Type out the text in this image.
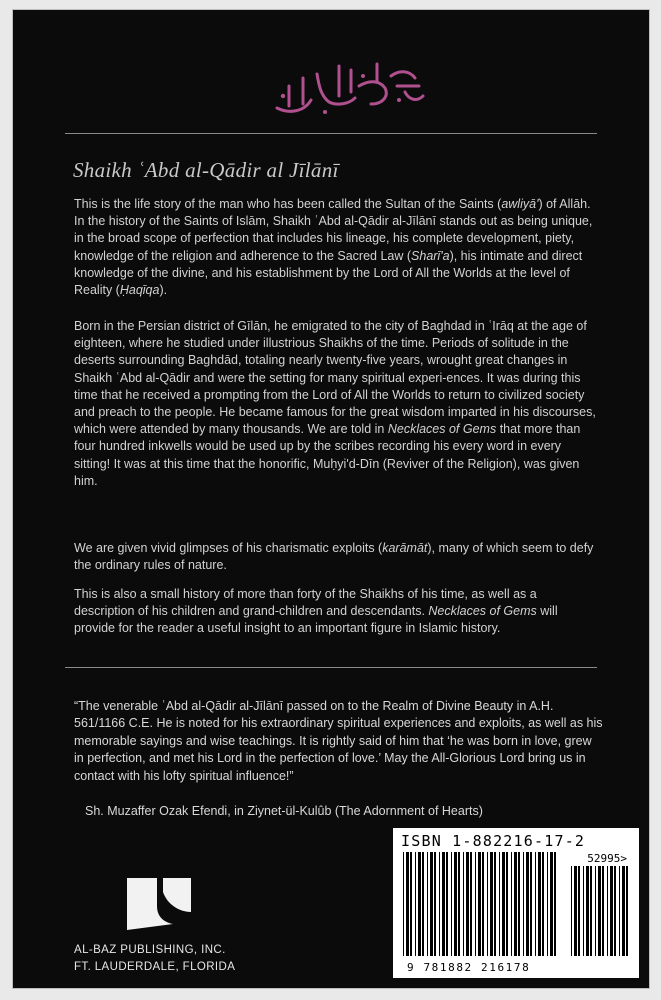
Shaikh ʿAbd al-Qādir al Jīlānī

This is the life story of the man who has been called the Sultan of the Saints (awliyā') of Allāh. In the history of the Saints of Islām, Shaikh ʿAbd al-Qādir al-Jīlānī stands out as being unique, in the broad scope of perfection that includes his lineage, his complete development, piety, knowledge of the religion and adherence to the Sacred Law (Sharī'a), his intimate and direct knowledge of the divine, and his establishment by the Lord of All the Worlds at the level of Reality (Ḥaqīqa).

Born in the Persian district of Gīlān, he emigrated to the city of Baghdad in ʿIrāq at the age of eighteen, where he studied under illustrious Shaikhs of the time. Periods of solitude in the deserts surrounding Baghdād, totaling nearly twenty-five years, wrought great changes in Shaikh ʿAbd al-Qādir and were the setting for many spiritual experi-ences. It was during this time that he received a prompting from the Lord of All the Worlds to return to civilized society and preach to the people. He became famous for the great wisdom imparted in his discourses, which were attended by many thousands. We are told in Necklaces of Gems that more than four hundred inkwells would be used up by the scribes recording his every word in every sitting! It was at this time that the honorific, Muḥyi'd-Dīn (Reviver of the Religion), was given him.

We are given vivid glimpses of his charismatic exploits (karāmāt), many of which seem to defy the ordinary rules of nature.

This is also a small history of more than forty of the Shaikhs of his time, as well as a description of his children and grand-children and descendants. Necklaces of Gems will provide for the reader a useful insight to an important figure in Islamic history.

“The venerable ʿAbd al-Qādir al-Jīlānī passed on to the Realm of Divine Beauty in A.H. 561/1166 C.E. He is noted for his extraordinary spiritual experiences and exploits, as well as his memorable sayings and wise teachings. It is rightly said of him that ‘he was born in love, grew in perfection, and met his Lord in the perfection of love.’ May the All-Glorious Lord bring us in contact with his lofty spiritual influence!”

Sh. Muzaffer Ozak Efendi, in Ziynet-ül-Kulûb (The Adornment of Hearts)

AL-BAZ PUBLISHING, INC.
FT. LAUDERDALE, FLORIDA
ISBN 1-882216-17-2
52995>
9 781882 216178
